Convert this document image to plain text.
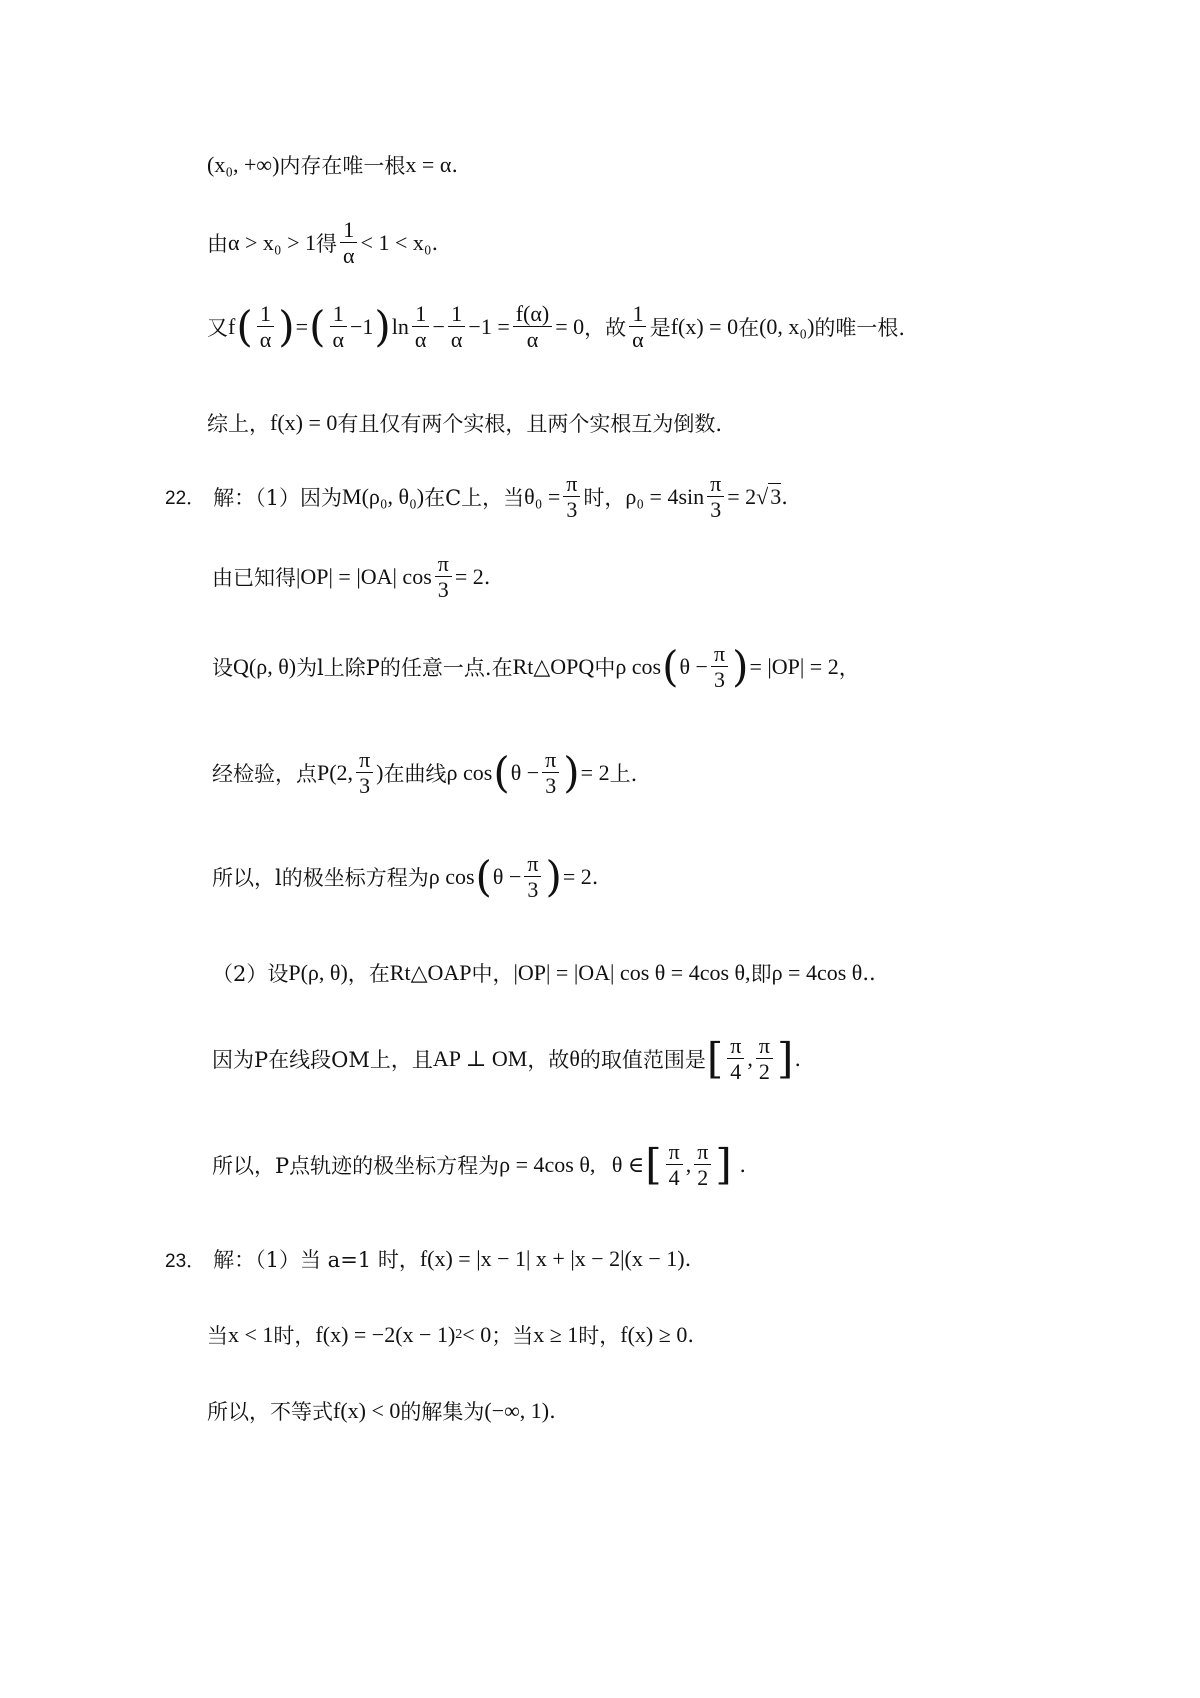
(x₀, +∞) 内存在唯一根 x = α .
由 α > x₀ > 1 得 $\frac{1}{\alpha} < 1 < x_0$ .
又 f ( $\frac{1}{\alpha}$ ) = ( $\frac{1}{\alpha} -1$ ) $\ln \frac{1}{\alpha} - \frac{1}{\alpha} -1 = \frac{f(\alpha)}{\alpha} = 0$ ，故 $\frac{1}{\alpha}$ 是 f(x) = 0 在 (0, x₀) 的唯一根.
综上， f(x) = 0 有且仅有两个实根，且两个实根互为倒数.
22． 解：（1）因为 M(ρ₀, θ₀) 在C上，当 $\theta_0 = \frac{\pi}{3}$ 时， $\rho_0 = 4\sin \frac{\pi}{3} = 2$ √ 3 .
由已知得 |OP| = |OA| $\cos \frac{\pi}{3} = 2$ .
设 Q(ρ, θ) 为l上除P的任意一点.在 Rt△OPQ 中 ρ cos ( $\theta - \frac{\pi}{3}$ ) = |OP| = 2 ，
经检验，点 P(2, $\frac{\pi}{3}$ ) 在曲线 ρ cos ( $\theta - \frac{\pi}{3}$ ) = 2 上.
所以，l的极坐标方程为 ρ cos ( $\theta - \frac{\pi}{3}$ ) = 2 .
（2）设 P(ρ, θ) ，在 Rt△OAP 中， |OP| = |OA| cos θ = 4cos θ, 即 ρ = 4cos θ ..
因为P在线段OM上，且 AP ⊥ OM ，故 θ 的取值范围是 [ $\frac{\pi}{4}$ , $\frac{\pi}{2}$ ] .
所以，P点轨迹的极坐标方程为 ρ = 4cos θ,   θ ∈ [ $\frac{\pi}{4}$ , $\frac{\pi}{2}$ ] .
23． 解：（1）当 a=1 时， f(x) = |x − 1| x + |x − 2|(x − 1) .
当 x < 1 时， f(x) = −2(x − 1) 2 < 0 ；当 x ≥ 1 时， f(x) ≥ 0 .
所以，不等式 f(x) < 0 的解集为 (−∞, 1) .
